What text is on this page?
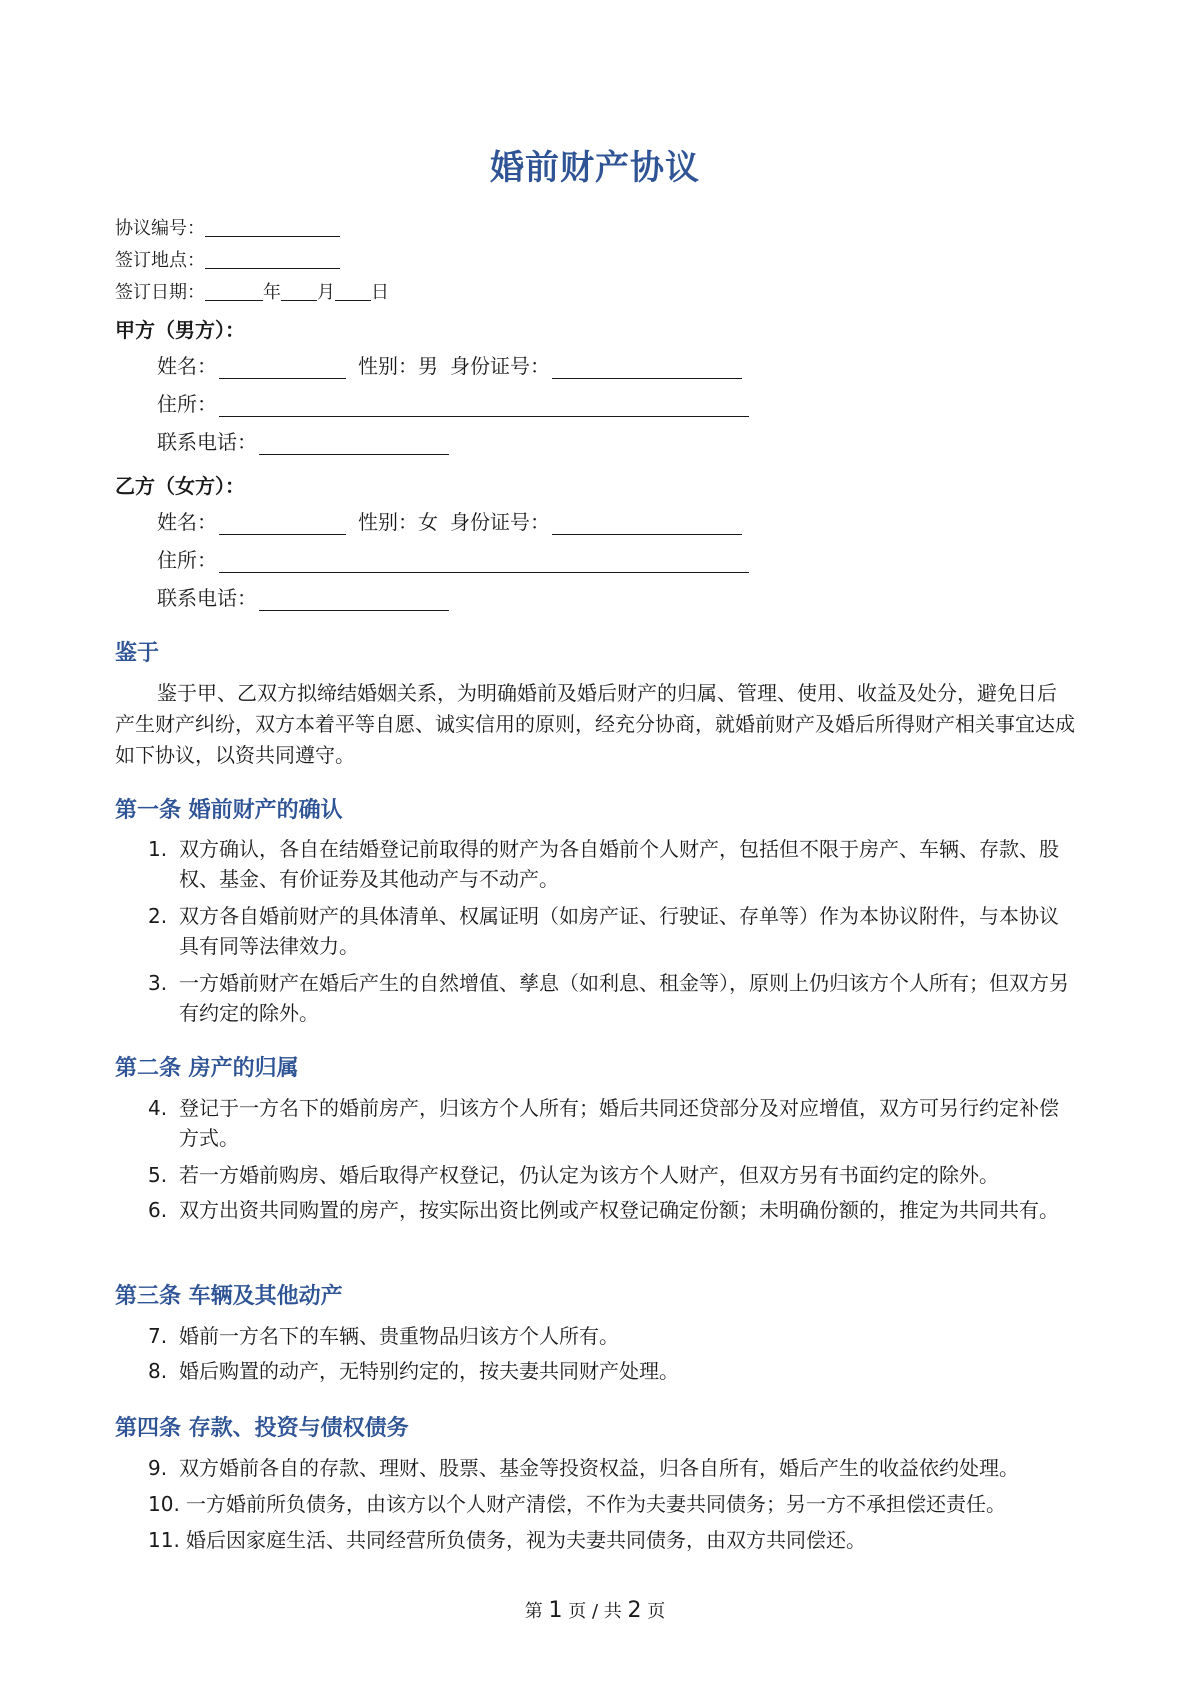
婚前财产协议
协议编号：
签订地点：
签订日期：	年 月 日
甲方（男方）：
姓名：	性别：男 身份证号：
住所：
联系电话：
乙方（女方）：
姓名：	性别：女 身份证号：
住所：
联系电话：
鉴于

鉴于甲、乙双方拟缔结婚姻关系，为明确婚前及婚后财产的归属、管理、使用、收益及处分，避免日后产生财产纠纷，双方本着平等自愿、诚实信用的原则，经充分协商，就婚前财产及婚后所得财产相关事宜达成如下协议，以资共同遵守。

第一条 婚前财产的确认
1. 双方确认，各自在结婚登记前取得的财产为各自婚前个人财产，包括但不限于房产、车辆、存款、股权、基金、有价证券及其他动产与不动产。
2. 双方各自婚前财产的具体清单、权属证明（如房产证、行驶证、存单等）作为本协议附件，与本协议具有同等法律效力。
3. 一方婚前财产在婚后产生的自然增值、孳息（如利息、租金等），原则上仍归该方个人所有；但双方另有约定的除外。
第二条 房产的归属
4. 登记于一方名下的婚前房产，归该方个人所有；婚后共同还贷部分及对应增值，双方可另行约定补偿方式。
5. 若一方婚前购房、婚后取得产权登记，仍认定为该方个人财产，但双方另有书面约定的除外。
6. 双方出资共同购置的房产，按实际出资比例或产权登记确定份额；未明确份额的，推定为共同共有。
第三条 车辆及其他动产
7. 婚前一方名下的车辆、贵重物品归该方个人所有。
8. 婚后购置的动产，无特别约定的，按夫妻共同财产处理。
第四条 存款、投资与债权债务
9. 双方婚前各自的存款、理财、股票、基金等投资权益，归各自所有，婚后产生的收益依约处理。
10. 一方婚前所负债务，由该方以个人财产清偿，不作为夫妻共同债务；另一方不承担偿还责任。
11. 婚后因家庭生活、共同经营所负债务，视为夫妻共同债务，由双方共同偿还。
第 1 页 / 共 2 页
